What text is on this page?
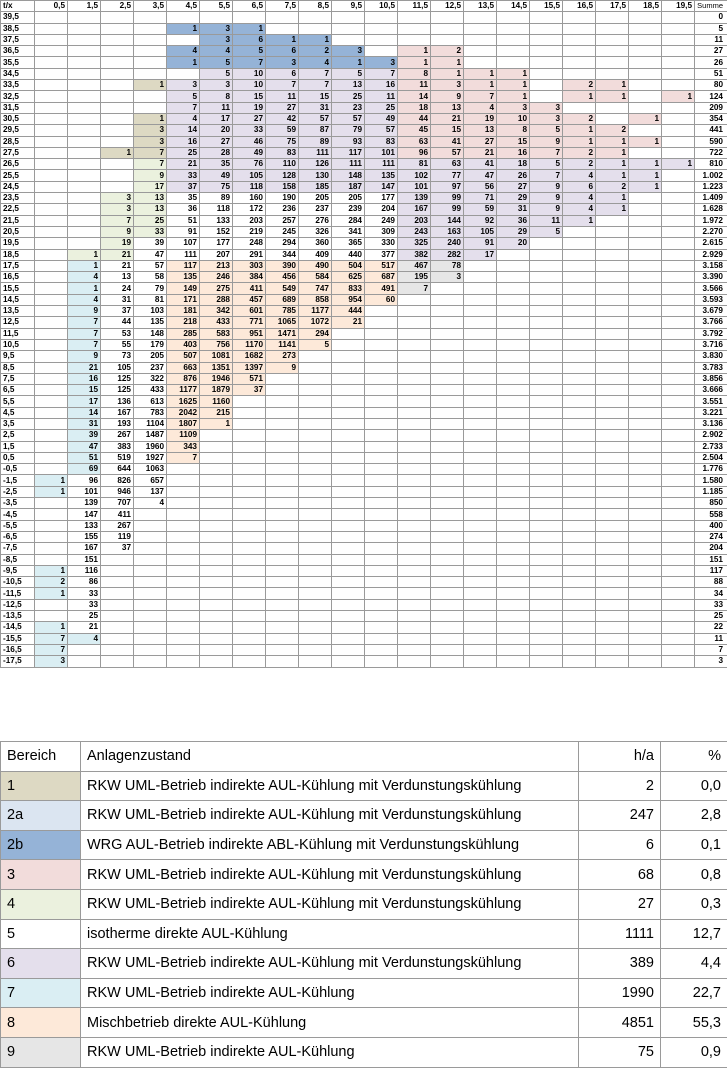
t/x	0,5	1,5	2,5	3,5	4,5	5,5	6,5	7,5	8,5	9,5	10,5	11,5	12,5	13,5	14,5	15,5	16,5	17,5	18,5	19,5	Summe
39,5																					0
38,5					1	3	1														5
37,5						3	6	1	1												11
36,5					4	4	5	6	2	3		1	2								27
35,5					1	5	7	3	4	1	3	1	1								26
34,5						5	10	6	7	5	7	8	1	1	1						51
33,5				1	3	3	10	7	7	13	16	11	3	1	1		2	1			80
32,5					5	8	15	11	15	25	11	14	9	7	1		1	1		1	124
31,5					7	11	19	27	31	23	25	18	13	4	3	3					209
30,5				1	4	17	27	42	57	57	49	44	21	19	10	3	2		1		354
29,5				3	14	20	33	59	87	79	57	45	15	13	8	5	1	2			441
28,5				3	16	27	46	75	89	93	83	63	41	27	15	9	1	1	1		590
27,5			1	7	25	28	49	83	111	117	101	96	57	21	16	7	2	1			722
26,5				7	21	35	76	110	126	111	111	81	63	41	18	5	2	1	1	1	810
25,5				9	33	49	105	128	130	148	135	102	77	47	26	7	4	1	1		1.002
24,5				17	37	75	118	158	185	187	147	101	97	56	27	9	6	2	1		1.223
23,5			3	13	35	89	160	190	205	205	177	139	99	71	29	9	4	1			1.409
22,5			3	13	36	118	172	236	237	239	204	167	99	59	31	9	4	1			1.628
21,5			7	25	51	133	203	257	276	284	249	203	144	92	36	11	1				1.972
20,5			9	33	91	152	219	245	326	341	309	243	163	105	29	5					2.270
19,5			19	39	107	177	248	294	360	365	330	325	240	91	20						2.615
18,5		1	21	47	111	207	291	344	409	440	377	382	282	17							2.929
17,5		1	21	57	117	213	303	390	490	504	517	467	78								3.158
16,5		4	13	58	135	246	384	456	584	625	687	195	3								3.390
15,5		1	24	79	149	275	411	549	747	833	491	7									3.566
14,5		4	31	81	171	288	457	689	858	954	60										3.593
13,5		9	37	103	181	342	601	785	1177	444											3.679
12,5		7	44	135	218	433	771	1065	1072	21											3.766
11,5		7	53	148	285	583	951	1471	294												3.792
10,5		7	55	179	403	756	1170	1141	5												3.716
9,5		9	73	205	507	1081	1682	273													3.830
8,5		21	105	237	663	1351	1397	9													3.783
7,5		16	125	322	876	1946	571														3.856
6,5		15	125	433	1177	1879	37														3.666
5,5		17	136	613	1625	1160															3.551
4,5		14	167	783	2042	215															3.221
3,5		31	193	1104	1807	1															3.136
2,5		39	267	1487	1109																2.902
1,5		47	383	1960	343																2.733
0,5		51	519	1927	7																2.504
-0,5		69	644	1063																	1.776
-1,5	1	96	826	657																	1.580
-2,5	1	101	946	137																	1.185
-3,5		139	707	4																	850
-4,5		147	411																		558
-5,5		133	267																		400
-6,5		155	119																		274
-7,5		167	37																		204
-8,5		151																			151
-9,5	1	116																			117
-10,5	2	86																			88
-11,5	1	33																			34
-12,5		33																			33
-13,5		25																			25
-14,5	1	21																			22
-15,5	7	4																			11
-16,5	7																				7
-17,5	3																				3
Bereich	Anlagenzustand	h/a	%
1	RKW UML-Betrieb indirekte AUL-Kühlung mit Verdunstungskühlung	2	0,0
2a	RKW UML-Betrieb indirekte AUL-Kühlung mit Verdunstungskühlung	247	2,8
2b	WRG AUL-Betrieb indirekte ABL-Kühlung mit Verdunstungskühlung	6	0,1
3	RKW UML-Betrieb indirekte AUL-Kühlung mit Verdunstungskühlung	68	0,8
4	RKW UML-Betrieb indirekte AUL-Kühlung mit Verdunstungskühlung	27	0,3
5	isotherme direkte AUL-Kühlung	1111	12,7
6	RKW UML-Betrieb indirekte AUL-Kühlung mit Verdunstungskühlung	389	4,4
7	RKW UML-Betrieb indirekte AUL-Kühlung	1990	22,7
8	Mischbetrieb direkte AUL-Kühlung	4851	55,3
9	RKW UML-Betrieb indirekte AUL-Kühlung	75	0,9
